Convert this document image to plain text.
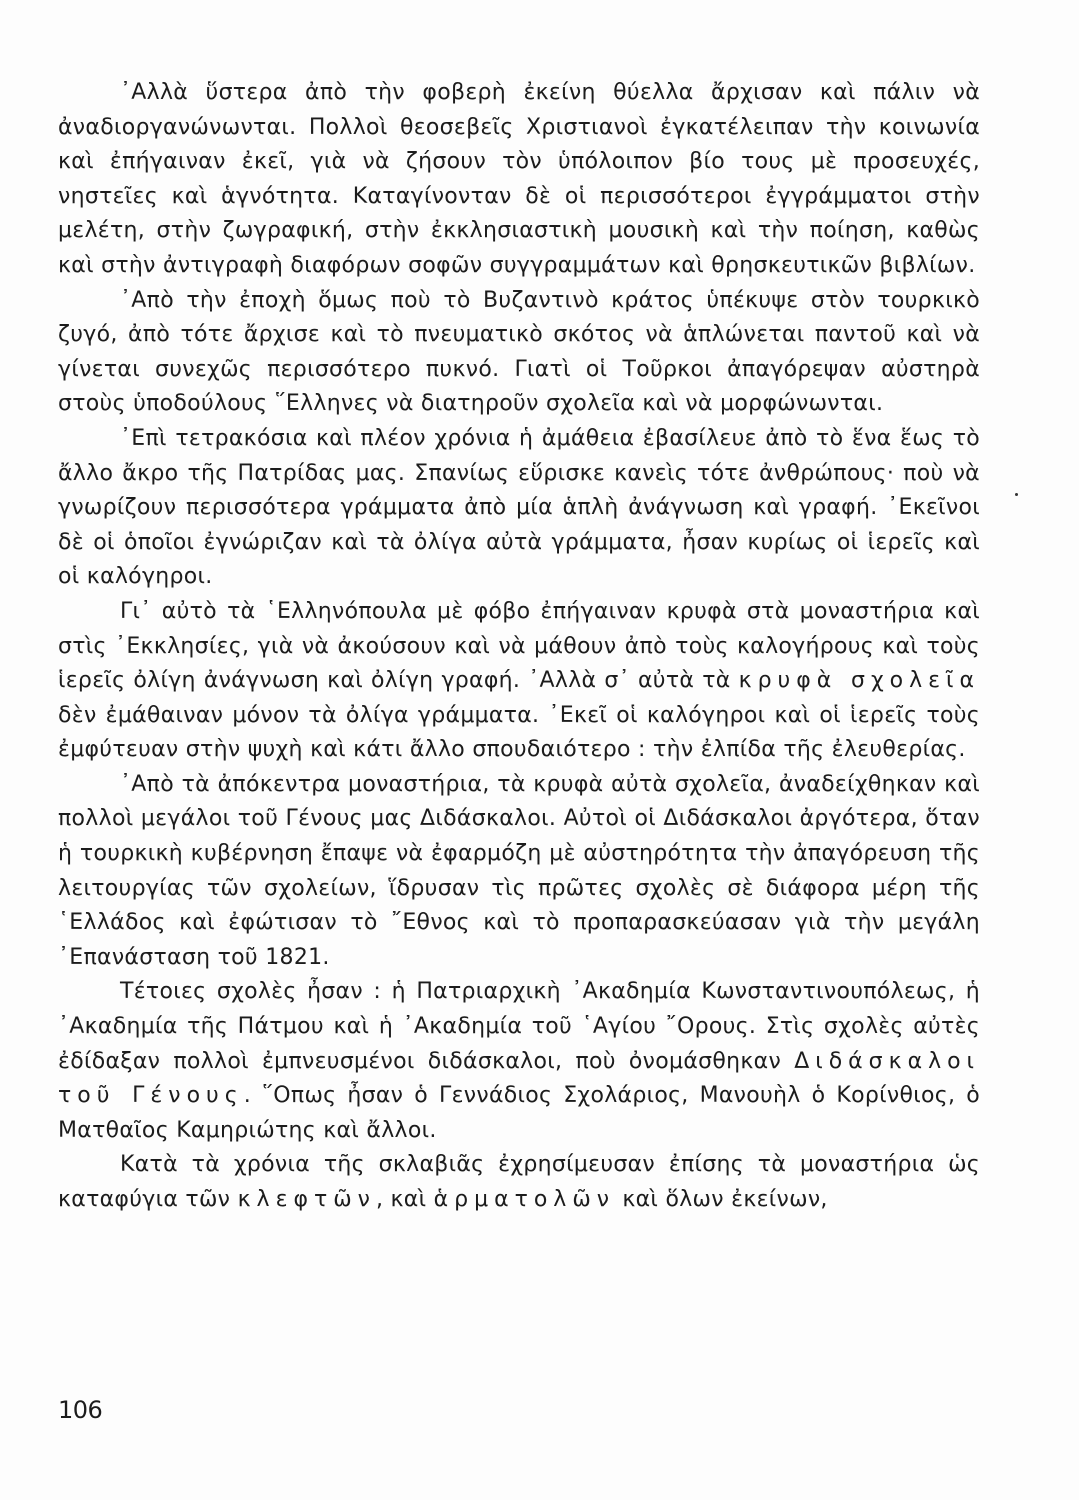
᾿Αλλὰ ὕστερα ἀπὸ τὴν φοβερὴ ἐκείνη θύελλα ἄρχισαν καὶ πάλιν νὰ ἀναδιοργανώνωνται. Πολλοὶ θεοσεβεῖς Χριστιανοὶ ἐγκατέλειπαν τὴν κοινωνία καὶ ἐπήγαιναν ἐκεῖ, γιὰ νὰ ζήσουν τὸν ὑπόλοιπον βίο τους μὲ προσευχές, νηστεῖες καὶ ἁγνότητα. Καταγίνονταν δὲ οἱ περισσότεροι ἐγγράμματοι στὴν μελέτη, στὴν ζωγραφική, στὴν ἐκκλησιαστικὴ μουσικὴ καὶ τὴν ποίηση, καθὼς καὶ στὴν ἀντιγραφὴ διαφόρων σοφῶν συγγραμμάτων καὶ θρησκευτικῶν βιβλίων.

᾿Απὸ τὴν ἐποχὴ ὅμως ποὺ τὸ Βυζαντινὸ κράτος ὑπέκυψε στὸν τουρκικὸ ζυγό, ἀπὸ τότε ἄρχισε καὶ τὸ πνευματικὸ σκότος νὰ ἁπλώνεται παντοῦ καὶ νὰ γίνεται συνεχῶς περισσότερο πυκνό. Γιατὶ οἱ Τοῦρκοι ἀπαγόρεψαν αὐστηρὰ στοὺς ὑποδούλους ῞Ελληνες νὰ διατηροῦν σχολεῖα καὶ νὰ μορφώνωνται.

᾿Επὶ τετρακόσια καὶ πλέον χρόνια ἡ ἀμάθεια ἐβασίλευε ἀπὸ τὸ ἕνα ἕως τὸ ἄλλο ἄκρο τῆς Πατρίδας μας. Σπανίως εὕρισκε κανεὶς τότε ἀνθρώπους· ποὺ νὰ γνωρίζουν περισσότερα γράμματα ἀπὸ μία ἁπλὴ ἀνάγνωση καὶ γραφή. ᾿Εκεῖνοι δὲ οἱ ὁποῖοι ἐγνώριζαν καὶ τὰ ὀλίγα αὐτὰ γράμματα, ἦσαν κυρίως οἱ ἱερεῖς καὶ οἱ καλόγηροι.

Γι᾿ αὐτὸ τὰ ῾Ελληνόπουλα μὲ φόβο ἐπήγαιναν κρυφὰ στὰ μοναστήρια καὶ στὶς ᾿Εκκλησίες, γιὰ νὰ ἀκούσουν καὶ νὰ μάθουν ἀπὸ τοὺς καλογήρους καὶ τοὺς ἱερεῖς ὀλίγη ἀνάγνωση καὶ ὀλίγη γραφή. ᾿Αλλὰ σ᾿ αὐτὰ τὰ κρυφὰ σχολεῖα δὲν ἐμάθαιναν μόνον τὰ ὀλίγα γράμματα. ᾿Εκεῖ οἱ καλόγηροι καὶ οἱ ἱερεῖς τοὺς ἐμφύτευαν στὴν ψυχὴ καὶ κάτι ἄλλο σπουδαιότερο : τὴν ἐλπίδα τῆς ἐλευθερίας.

᾿Απὸ τὰ ἀπόκεντρα μοναστήρια, τὰ κρυφὰ αὐτὰ σχολεῖα, ἀναδείχθηκαν καὶ πολλοὶ μεγάλοι τοῦ Γένους μας Διδάσκαλοι. Αὐτοὶ οἱ Διδάσκαλοι ἀργότερα, ὅταν ἡ τουρκικὴ κυβέρνηση ἔπαψε νὰ ἐφαρμόζη μὲ αὐστηρότητα τὴν ἀπαγόρευση τῆς λειτουργίας τῶν σχολείων, ἵδρυσαν τὶς πρῶτες σχολὲς σὲ διάφορα μέρη τῆς ῾Ελλάδος καὶ ἐφώτισαν τὸ ῎Εθνος καὶ τὸ προπαρασκεύασαν γιὰ τὴν μεγάλη ᾿Επανάσταση τοῦ 1821.

Τέτοιες σχολὲς ἦσαν : ἡ Πατριαρχικὴ ᾿Ακαδημία Κωνσταντινουπόλεως, ἡ ᾿Ακαδημία τῆς Πάτμου καὶ ἡ ᾿Ακαδημία τοῦ ῾Αγίου ῎Ορους. Στὶς σχολὲς αὐτὲς ἐδίδαξαν πολλοὶ ἐμπνευσμένοι διδάσκαλοι, ποὺ ὀνομάσθηκαν Διδάσκαλοι τοῦ Γένους. ῞Οπως ἦσαν ὁ Γεννάδιος Σχολάριος, Μανουὴλ ὁ Κορίνθιος, ὁ Ματθαῖος Καμηριώτης καὶ ἄλλοι.

Κατὰ τὰ χρόνια τῆς σκλαβιᾶς ἐχρησίμευσαν ἐπίσης τὰ μοναστήρια ὡς καταφύγια τῶν κλεφτῶν, καὶ ἁρματολῶν καὶ ὅλων ἐκείνων,

106
